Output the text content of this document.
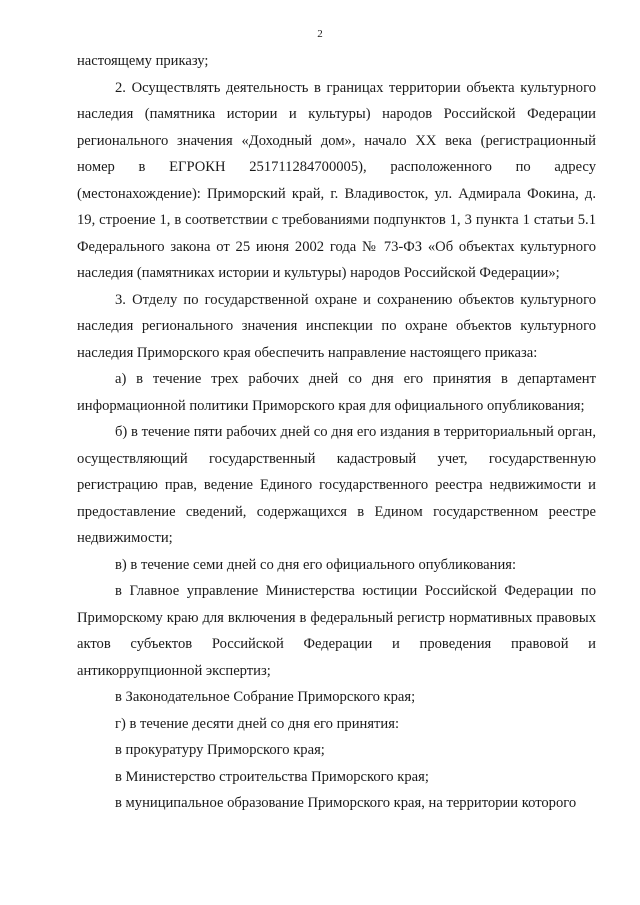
2

настоящему приказу;

2. Осуществлять деятельность в границах территории объекта культурного наследия (памятника истории и культуры) народов Российской Федерации регионального значения «Доходный дом», начало XX века (регистрационный номер в ЕГРОКН 251711284700005), расположенного по адресу (местонахождение): Приморский край, г. Владивосток, ул. Адмирала Фокина, д. 19, строение 1, в соответствии с требованиями подпунктов 1, 3 пункта 1 статьи 5.1 Федерального закона от 25 июня 2002 года № 73-ФЗ «Об объектах культурного наследия (памятниках истории и культуры) народов Российской Федерации»;

3. Отделу по государственной охране и сохранению объектов культурного наследия регионального значения инспекции по охране объектов культурного наследия Приморского края обеспечить направление настоящего приказа:

а) в течение трех рабочих дней со дня его принятия в департамент информационной политики Приморского края для официального опубликования;

б) в течение пяти рабочих дней со дня его издания в территориальный орган, осуществляющий государственный кадастровый учет, государственную регистрацию прав, ведение Единого государственного реестра недвижимости и предоставление сведений, содержащихся в Едином государственном реестре недвижимости;

в) в течение семи дней со дня его официального опубликования:

в Главное управление Министерства юстиции Российской Федерации по Приморскому краю для включения в федеральный регистр нормативных правовых актов субъектов Российской Федерации и проведения правовой и антикоррупционной экспертиз;

в Законодательное Собрание Приморского края;

г) в течение десяти дней со дня его принятия:

в прокуратуру Приморского края;

в Министерство строительства Приморского края;

в муниципальное образование Приморского края, на территории которого
